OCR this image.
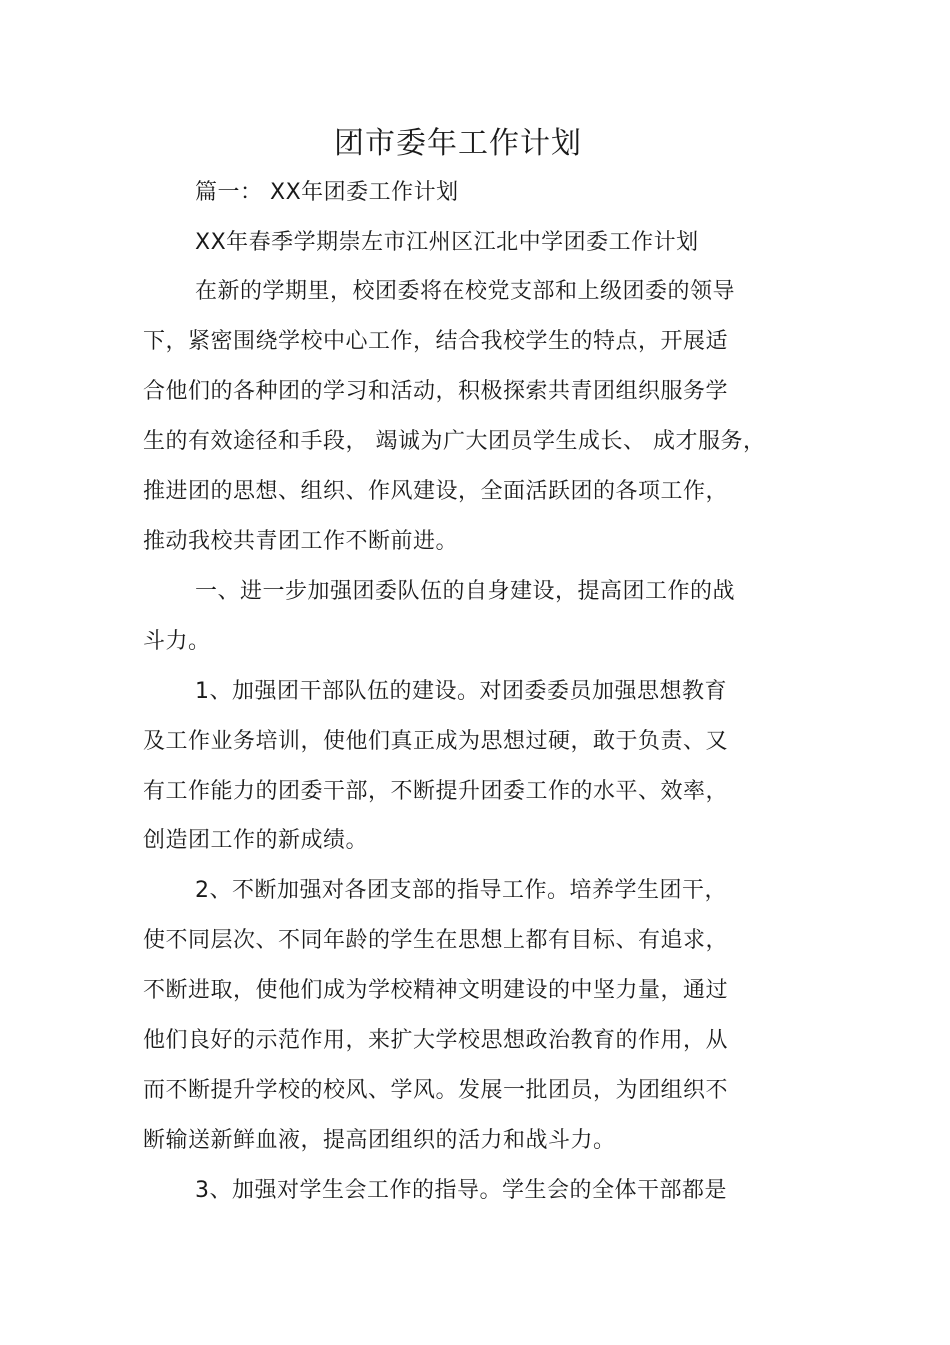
团市委年工作计划
篇一： XX年团委工作计划
XX年春季学期崇左市江州区江北中学团委工作计划
在新的学期里，校团委将在校党支部和上级团委的领导
下，紧密围绕学校中心工作，结合我校学生的特点，开展适
合他们的各种团的学习和活动，积极探索共青团组织服务学
生的有效途径和手段， 竭诚为广大团员学生成长、 成才服务，
推进团的思想、组织、作风建设，全面活跃团的各项工作，
推动我校共青团工作不断前进。
一、进一步加强团委队伍的自身建设，提高团工作的战
斗力。
1、加强团干部队伍的建设。对团委委员加强思想教育
及工作业务培训，使他们真正成为思想过硬，敢于负责、又
有工作能力的团委干部，不断提升团委工作的水平、效率，
创造团工作的新成绩。
2、不断加强对各团支部的指导工作。培养学生团干，
使不同层次、不同年龄的学生在思想上都有目标、有追求，
不断进取，使他们成为学校精神文明建设的中坚力量，通过
他们良好的示范作用，来扩大学校思想政治教育的作用，从
而不断提升学校的校风、学风。发展一批团员，为团组织不
断输送新鲜血液，提高团组织的活力和战斗力。
3、加强对学生会工作的指导。学生会的全体干部都是
